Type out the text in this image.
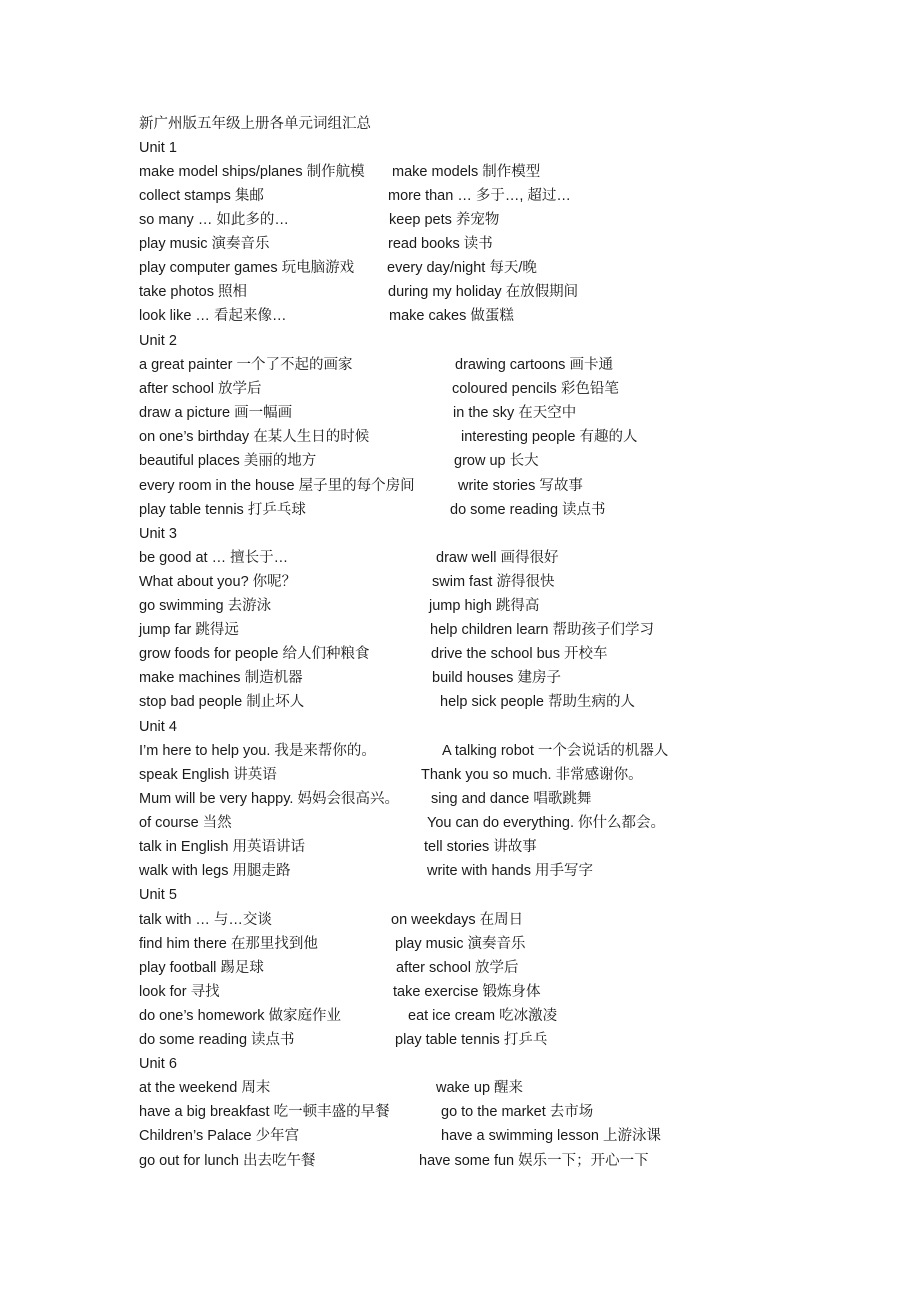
新广州版五年级上册各单元词组汇总
Unit 1
make model ships/planes 制作航模 make models 制作模型
collect stamps 集邮	more than … 多于…, 超过…
so many … 如此多的…	keep pets 养宠物
play music 演奏音乐	read books 读书
play computer games 玩电脑游戏 every day/night 每天/晚
take photos 照相	during my holiday 在放假期间
look like … 看起来像…	make cakes 做蛋糕
Unit 2
a great painter 一个了不起的画家	drawing cartoons 画卡通
after school 放学后	coloured pencils 彩色铅笔
draw a picture 画一幅画	in the sky 在天空中
on one’s birthday 在某人生日的时候	interesting people 有趣的人
beautiful places 美丽的地方	grow up 长大
every room in the house 屋子里的每个房间	write stories 写故事
play table tennis 打乒乓球	do some reading 读点书
Unit 3
be good at … 擅长于…	draw well 画得很好
What about you? 你呢？	swim fast 游得很快
go swimming 去游泳	jump high 跳得高
jump far 跳得远	help children learn 帮助孩子们学习
grow foods for people 给人们种粮食	drive the school bus 开校车
make machines 制造机器	build houses 建房子
stop bad people 制止坏人	help sick people 帮助生病的人
Unit 4
I’m here to help you. 我是来帮你的。	A talking robot 一个会说话的机器人
speak English 讲英语	Thank you so much. 非常感谢你。
Mum will be very happy. 妈妈会很高兴。 sing and dance 唱歌跳舞
of course 当然	You can do everything. 你什么都会。
talk in English 用英语讲话	tell stories 讲故事
walk with legs 用腿走路	write with hands 用手写字
Unit 5
talk with … 与…交谈	on weekdays 在周日
find him there 在那里找到他	play music 演奏音乐
play football 踢足球	after school 放学后
look for 寻找	take exercise 锻炼身体
do one’s homework 做家庭作业	eat ice cream 吃冰激凌
do some reading 读点书	play table tennis 打乒乓
Unit 6
at the weekend 周末	wake up 醒来
have a big breakfast 吃一顿丰盛的早餐	go to the market 去市场
Children’s Palace 少年宫	have a swimming lesson 上游泳课
go out for lunch 出去吃午餐	have some fun 娱乐一下；开心一下
